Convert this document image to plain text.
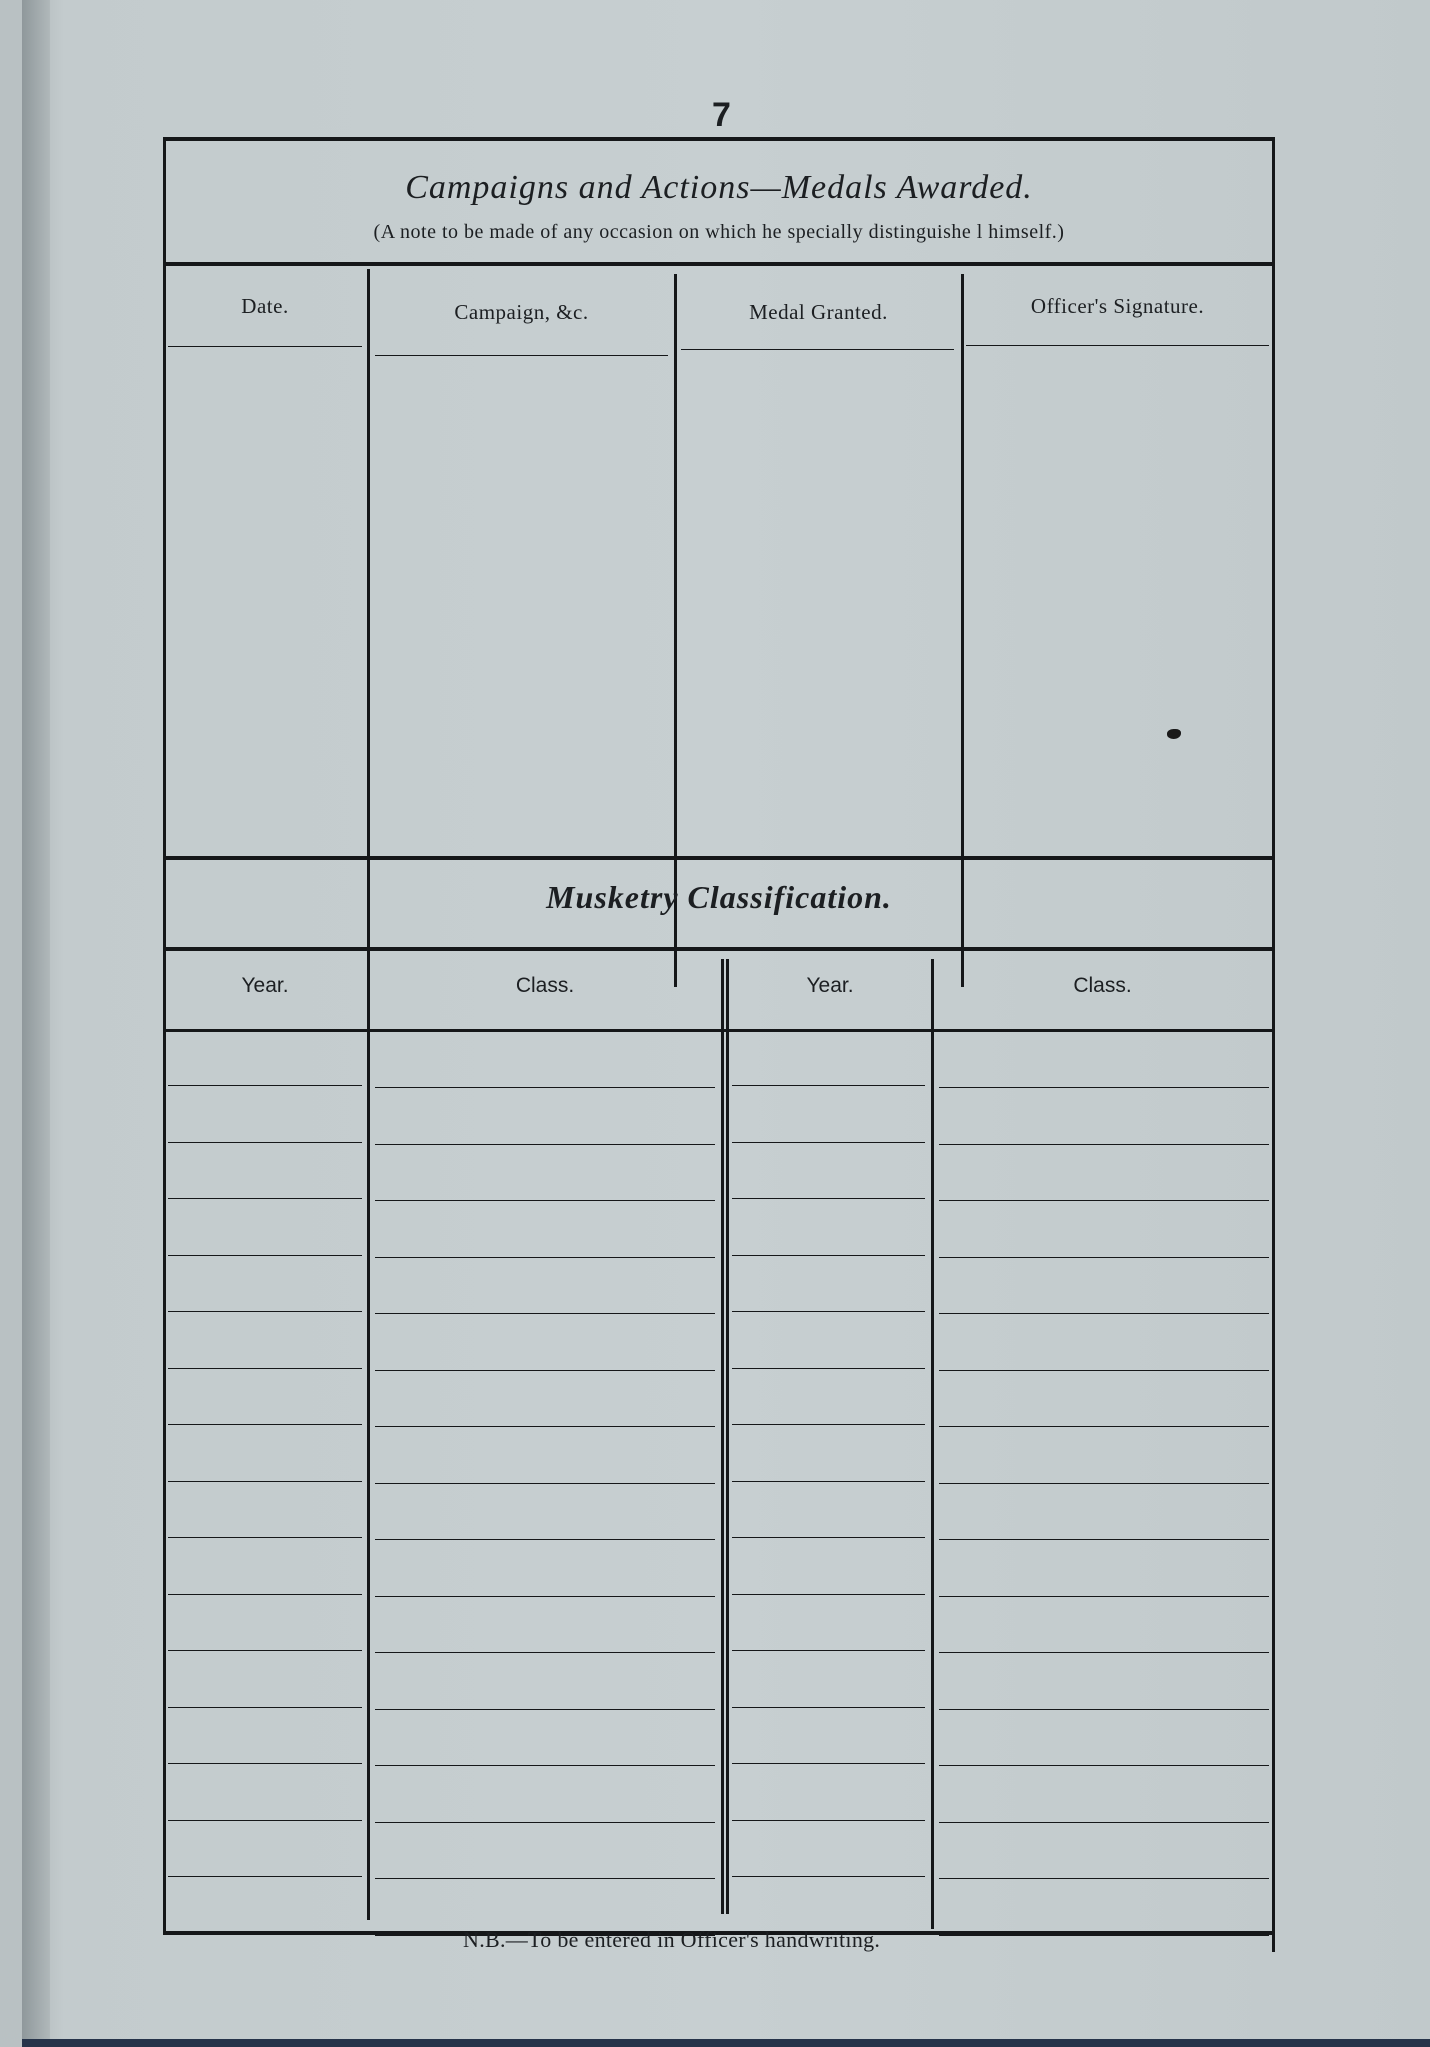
7
Campaigns and Actions—Medals Awarded.
(A note to be made of any occasion on which he specially distinguishe l himself.)
Date.	Campaign, &c.	Medal Granted.	Officer's Signature.
Musketry Classification.
Year.	Class.	Year.	Class.
N.B.—To be entered in Officer's handwriting.
